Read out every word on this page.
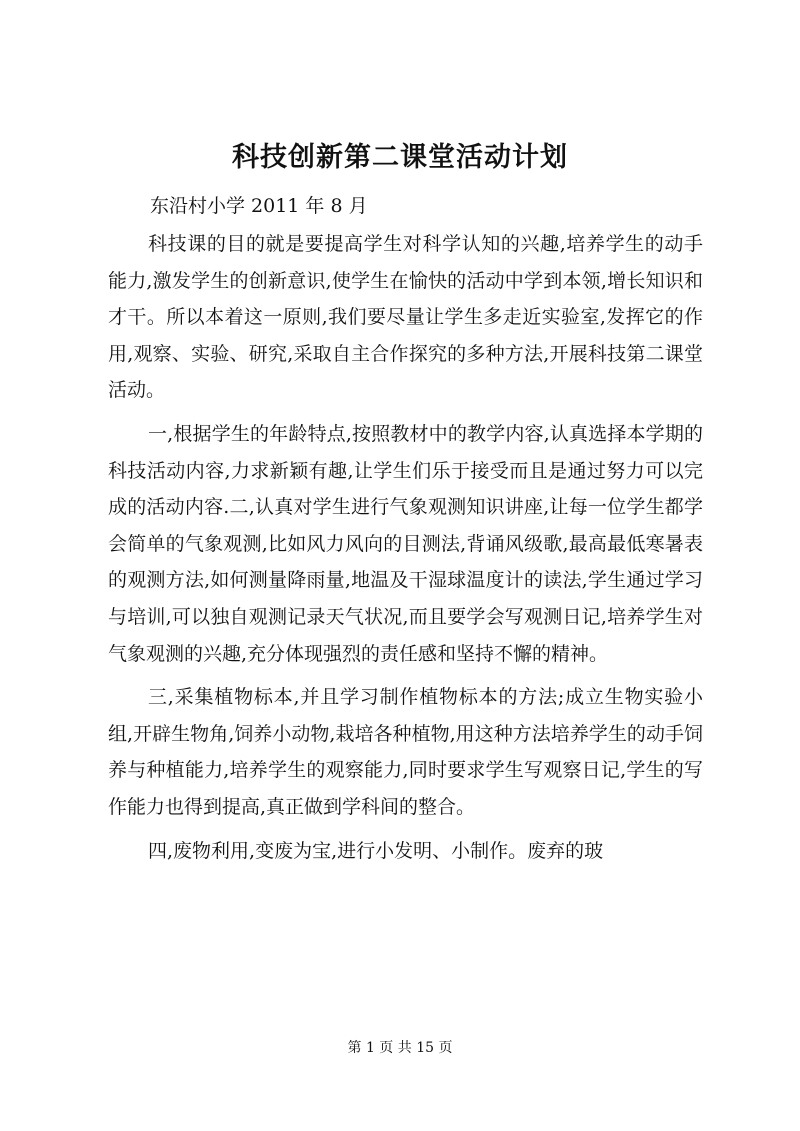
科技创新第二课堂活动计划
东沿村小学 2011 年 8 月

科技课的目的就是要提高学生对科学认知的兴趣,培养学生的动手能力,激发学生的创新意识,使学生在愉快的活动中学到本领,增长知识和才干。所以本着这一原则,我们要尽量让学生多走近实验室,发挥它的作用,观察、实验、研究,采取自主合作探究的多种方法,开展科技第二课堂活动。

一,根据学生的年龄特点,按照教材中的教学内容,认真选择本学期的科技活动内容,力求新颖有趣,让学生们乐于接受而且是通过努力可以完成的活动内容.二,认真对学生进行气象观测知识讲座,让每一位学生都学会简单的气象观测,比如风力风向的目测法,背诵风级歌,最高最低寒暑表的观测方法,如何测量降雨量,地温及干湿球温度计的读法,学生通过学习与培训,可以独自观测记录天气状况,而且要学会写观测日记,培养学生对气象观测的兴趣,充分体现强烈的责任感和坚持不懈的精神。

三,采集植物标本,并且学习制作植物标本的方法;成立生物实验小组,开辟生物角,饲养小动物,栽培各种植物,用这种方法培养学生的动手饲养与种植能力,培养学生的观察能力,同时要求学生写观察日记,学生的写作能力也得到提高,真正做到学科间的整合。

四,废物利用,变废为宝,进行小发明、小制作。废弃的玻

第 1 页 共 15 页
